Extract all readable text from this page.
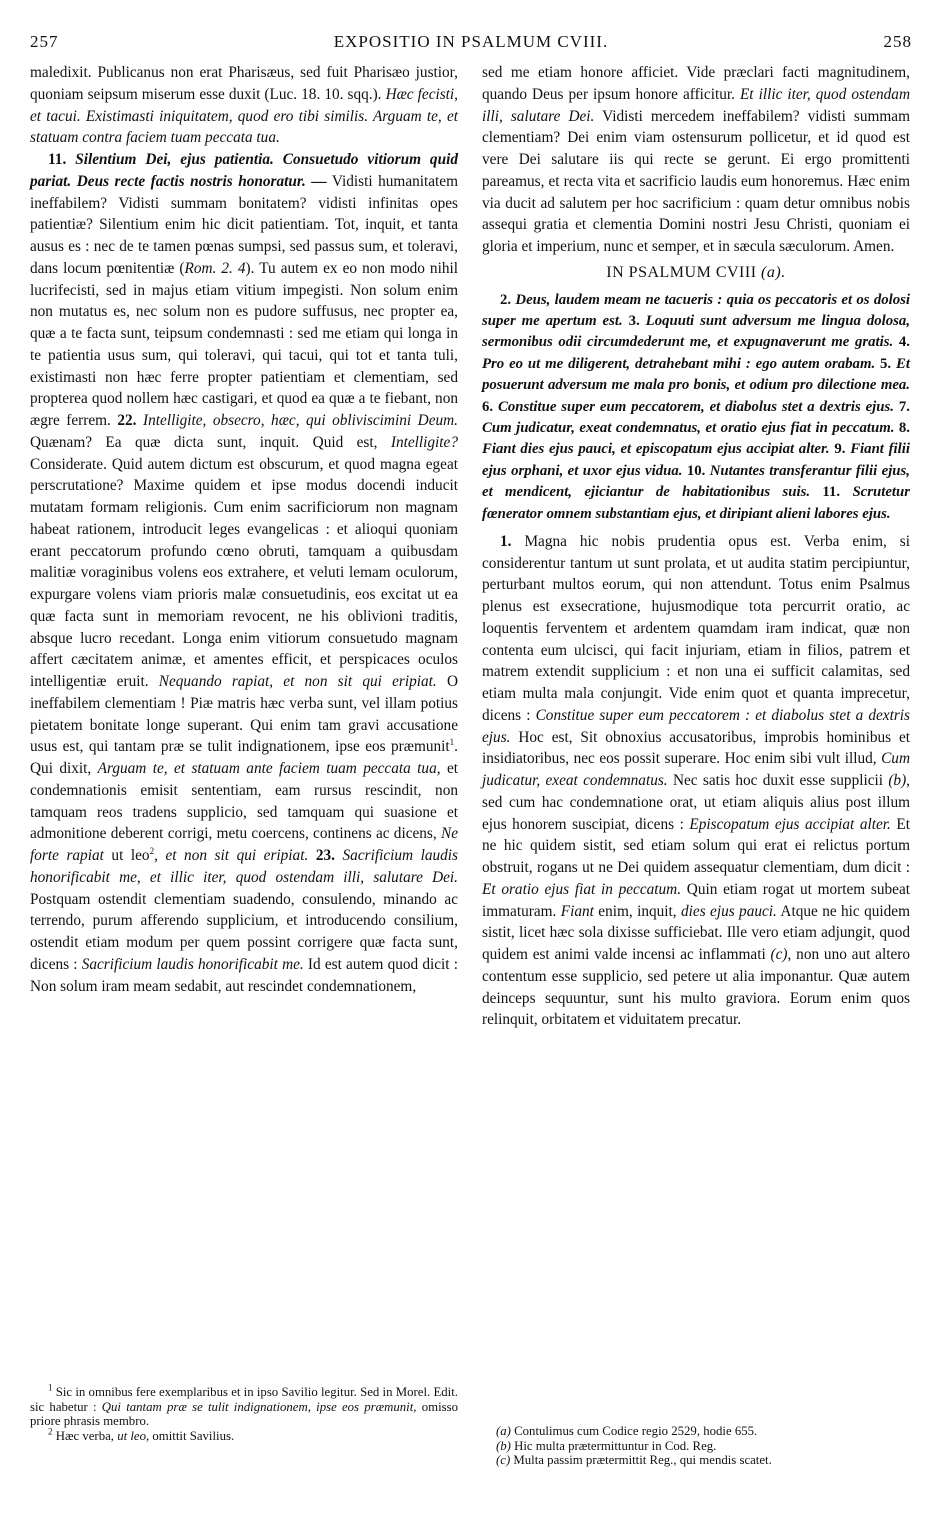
257	EXPOSITIO IN PSALMUM CVIII.	258

maledixit. Publicanus non erat Pharisæus, sed fuit Pharisæo justior, quoniam seipsum miserum esse duxit (Luc. 18. 10. sqq.). Hæc fecisti, et tacui. Existimasti iniquitatem, quod ero tibi similis. Arguam te, et statuam contra faciem tuam peccata tua.

11. Silentium Dei, ejus patientia. Consuetudo vitiorum quid pariat. Deus recte factis nostris honoratur. — Vidisti humanitatem ineffabilem? Vidisti summam bonitatem? vidisti infinitas opes patientiæ? Silentium enim hic dicit patientiam. Tot, inquit, et tanta ausus es : nec de te tamen pœnas sumpsi, sed passus sum, et toleravi, dans locum pœnitentiæ (Rom. 2. 4). Tu autem ex eo non modo nihil lucrifecisti, sed in majus etiam vitium impegisti. Non solum enim non mutatus es, nec solum non es pudore suffusus, nec propter ea, quæ a te facta sunt, teipsum condemnasti : sed me etiam qui longa in te patientia usus sum, qui toleravi, qui tacui, qui tot et tanta tuli, existimasti non hæc ferre propter patientiam et clementiam, sed propterea quod nollem hæc castigari, et quod ea quæ a te fiebant, non ægre ferrem. 22. Intelligite, obsecro, hæc, qui obliviscimini Deum. Quænam? Ea quæ dicta sunt, inquit. Quid est, Intelligite? Considerate. Quid autem dictum est obscurum, et quod magna egeat perscrutatione? Maxime quidem et ipse modus docendi inducit mutatam formam religionis. Cum enim sacrificiorum non magnam habeat rationem, introducit leges evangelicas : et alioqui quoniam erant peccatorum profundo cœno obruti, tamquam a quibusdam malitiæ voraginibus volens eos extrahere, et veluti lemam oculorum, expurgare volens viam prioris malæ consuetudinis, eos excitat ut ea quæ facta sunt in memoriam revocent, ne his oblivioni traditis, absque lucro recedant. Longa enim vitiorum consuetudo magnam affert cæcitatem animæ, et amentes efficit, et perspicaces oculos intelligentiæ eruit. Nequando rapiat, et non sit qui eripiat. O ineffabilem clementiam ! Piæ matris hæc verba sunt, vel illam potius pietatem bonitate longe superant. Qui enim tam gravi accusatione usus est, qui tantam præ se tulit indignationem, ipse eos præmunit$^1$. Qui dixit, Arguam te, et statuam ante faciem tuam peccata tua, et condemnationis emisit sententiam, eam rursus rescindit, non tamquam reos tradens supplicio, sed tamquam qui suasione et admonitione deberent corrigi, metu coercens, continens ac dicens, Ne forte rapiat ut leo$^2$, et non sit qui eripiat. 23. Sacrificium laudis honorificabit me, et illic iter, quod ostendam illi, salutare Dei. Postquam ostendit clementiam suadendo, consulendo, minando ac terrendo, purum afferendo supplicium, et introducendo consilium, ostendit etiam modum per quem possint corrigere quæ facta sunt, dicens : Sacrificium laudis honorificabit me. Id est autem quod dicit : Non solum iram meam sedabit, aut rescindet condemnationem,

$^1$ Sic in omnibus fere exemplaribus et in ipso Savilio legitur. Sed in Morel. Edit. sic habetur : Qui tantam præ se tulit indignationem, ipse eos præmunit, omisso priore phrasis membro.

$^2$ Hæc verba, ut leo, omittit Savilius.

sed me etiam honore afficiet. Vide præclari facti magnitudinem, quando Deus per ipsum honore afficitur. Et illic iter, quod ostendam illi, salutare Dei. Vidisti mercedem ineffabilem? vidisti summam clementiam? Dei enim viam ostensurum pollicetur, et id quod est vere Dei salutare iis qui recte se gerunt. Ei ergo promittenti pareamus, et recta vita et sacrificio laudis eum honoremus. Hæc enim via ducit ad salutem per hoc sacrificium : quam detur omnibus nobis assequi gratia et clementia Domini nostri Jesu Christi, quoniam ei gloria et imperium, nunc et semper, et in sæcula sæculorum. Amen.

IN PSALMUM CVIII (a).

2. Deus, laudem meam ne tacueris : quia os peccatoris et os dolosi super me apertum est. 3. Loquuti sunt adversum me lingua dolosa, sermonibus odii circumdederunt me, et expugnaverunt me gratis. 4. Pro eo ut me diligerent, detrahebant mihi : ego autem orabam. 5. Et posuerunt adversum me mala pro bonis, et odium pro dilectione mea. 6. Constitue super eum peccatorem, et diabolus stet a dextris ejus. 7. Cum judicatur, exeat condemnatus, et oratio ejus fiat in peccatum. 8. Fiant dies ejus pauci, et episcopatum ejus accipiat alter. 9. Fiant filii ejus orphani, et uxor ejus vidua. 10. Nutantes transferantur filii ejus, et mendicent, ejiciantur de habitationibus suis. 11. Scrutetur fœnerator omnem substantiam ejus, et diripiant alieni labores ejus.

1. Magna hic nobis prudentia opus est. Verba enim, si considerentur tantum ut sunt prolata, et ut audita statim percipiuntur, perturbant multos eorum, qui non attendunt. Totus enim Psalmus plenus est exsecratione, hujusmodique tota percurrit oratio, ac loquentis ferventem et ardentem quamdam iram indicat, quæ non contenta eum ulcisci, qui facit injuriam, etiam in filios, patrem et matrem extendit supplicium : et non una ei sufficit calamitas, sed etiam multa mala conjungit. Vide enim quot et quanta imprecetur, dicens : Constitue super eum peccatorem : et diabolus stet a dextris ejus. Hoc est, Sit obnoxius accusatoribus, improbis hominibus et insidiatoribus, nec eos possit superare. Hoc enim sibi vult illud, Cum judicatur, exeat condemnatus. Nec satis hoc duxit esse supplicii (b), sed cum hac condemnatione orat, ut etiam aliquis alius post illum ejus honorem suscipiat, dicens : Episcopatum ejus accipiat alter. Et ne hic quidem sistit, sed etiam solum qui erat ei relictus portum obstruit, rogans ut ne Dei quidem assequatur clementiam, dum dicit : Et oratio ejus fiat in peccatum. Quin etiam rogat ut mortem subeat immaturam. Fiant enim, inquit, dies ejus pauci. Atque ne hic quidem sistit, licet hæc sola dixisse sufficiebat. Ille vero etiam adjungit, quod quidem est animi valde incensi ac inflammati (c), non uno aut altero contentum esse supplicio, sed petere ut alia imponantur. Quæ autem deinceps sequuntur, sunt his multo graviora. Eorum enim quos relinquit, orbitatem et viduitatem precatur.

(a) Contulimus cum Codice regio 2529, hodie 655.

(b) Hic multa prætermittuntur in Cod. Reg.

(c) Multa passim prætermittit Reg., qui mendis scatet.
